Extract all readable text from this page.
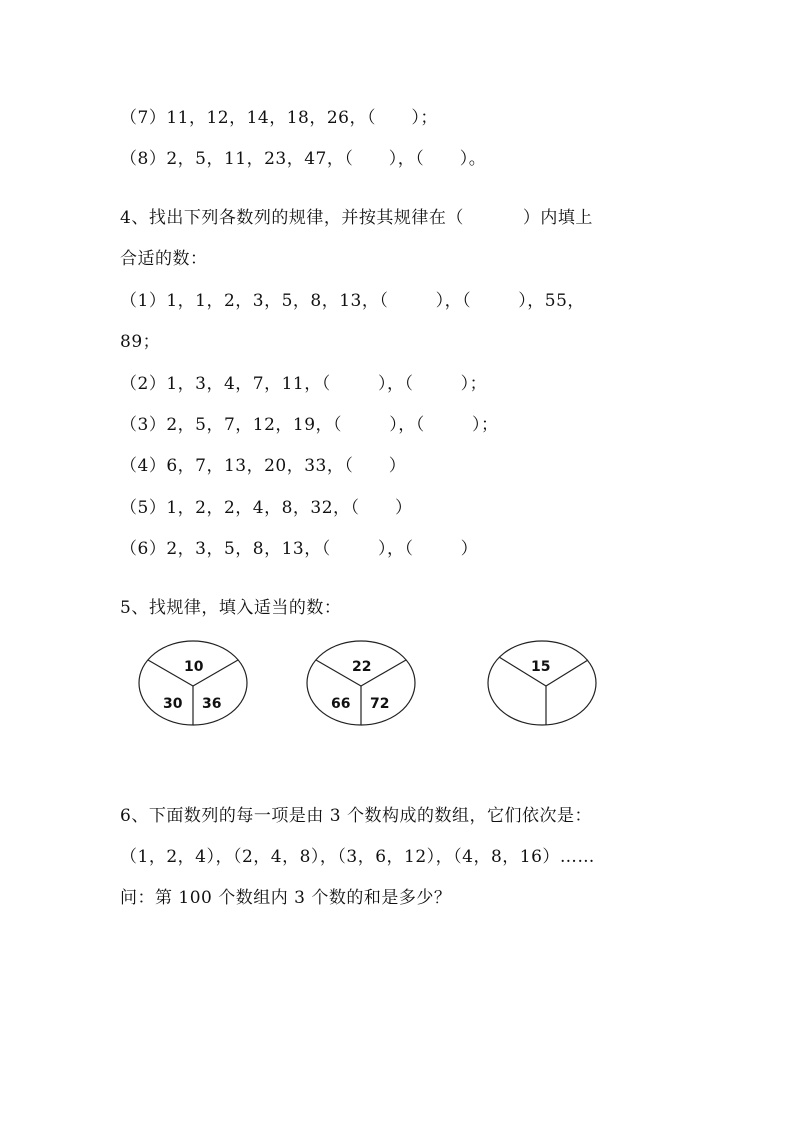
（7）11，12，14，18，26，（      ）；
（8）2，5，11，23，47，（      ），（      ）。
4、找出下列各数列的规律，并按其规律在（          ）内填上
合适的数：
（1）1，1，2，3，5，8，13，（        ），（        ），55，
89；
（2）1，3，4，7，11，（        ），（        ）；
（3）2，5，7，12，19，（        ），（        ）；
（4）6，7，13，20，33，（      ）
（5）1，2，2，4，8，32，（      ）
（6）2，3，5，8，13，（        ），（        ）
5、找规律，填入适当的数：
10
30 36
22
66 72
15
6、下面数列的每一项是由 3 个数构成的数组，它们依次是：
（1，2，4），（2，4，8），（3，6，12），（4，8，16）……
问：第 100 个数组内 3 个数的和是多少？
